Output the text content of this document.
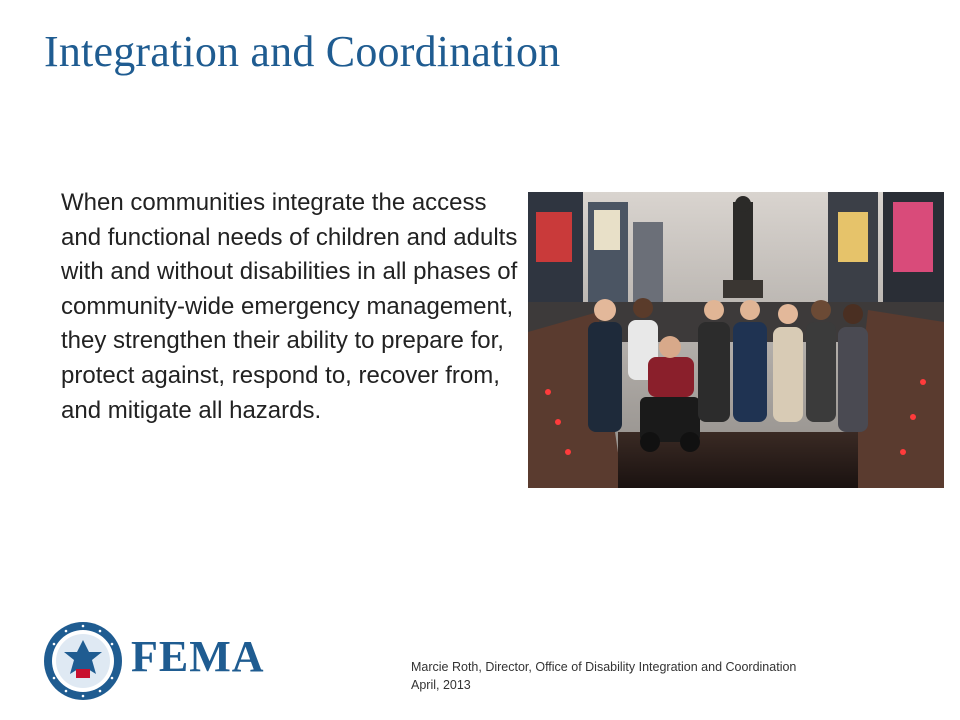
Integration and Coordination

When communities integrate the access and functional needs of children and adults with and without disabilities in all phases of community-wide emergency management, they strengthen their ability to prepare for, protect against, respond to, recover from, and mitigate all hazards.

FEMA	Marcie Roth, Director, Office of Disability Integration and Coordination
April, 2013
